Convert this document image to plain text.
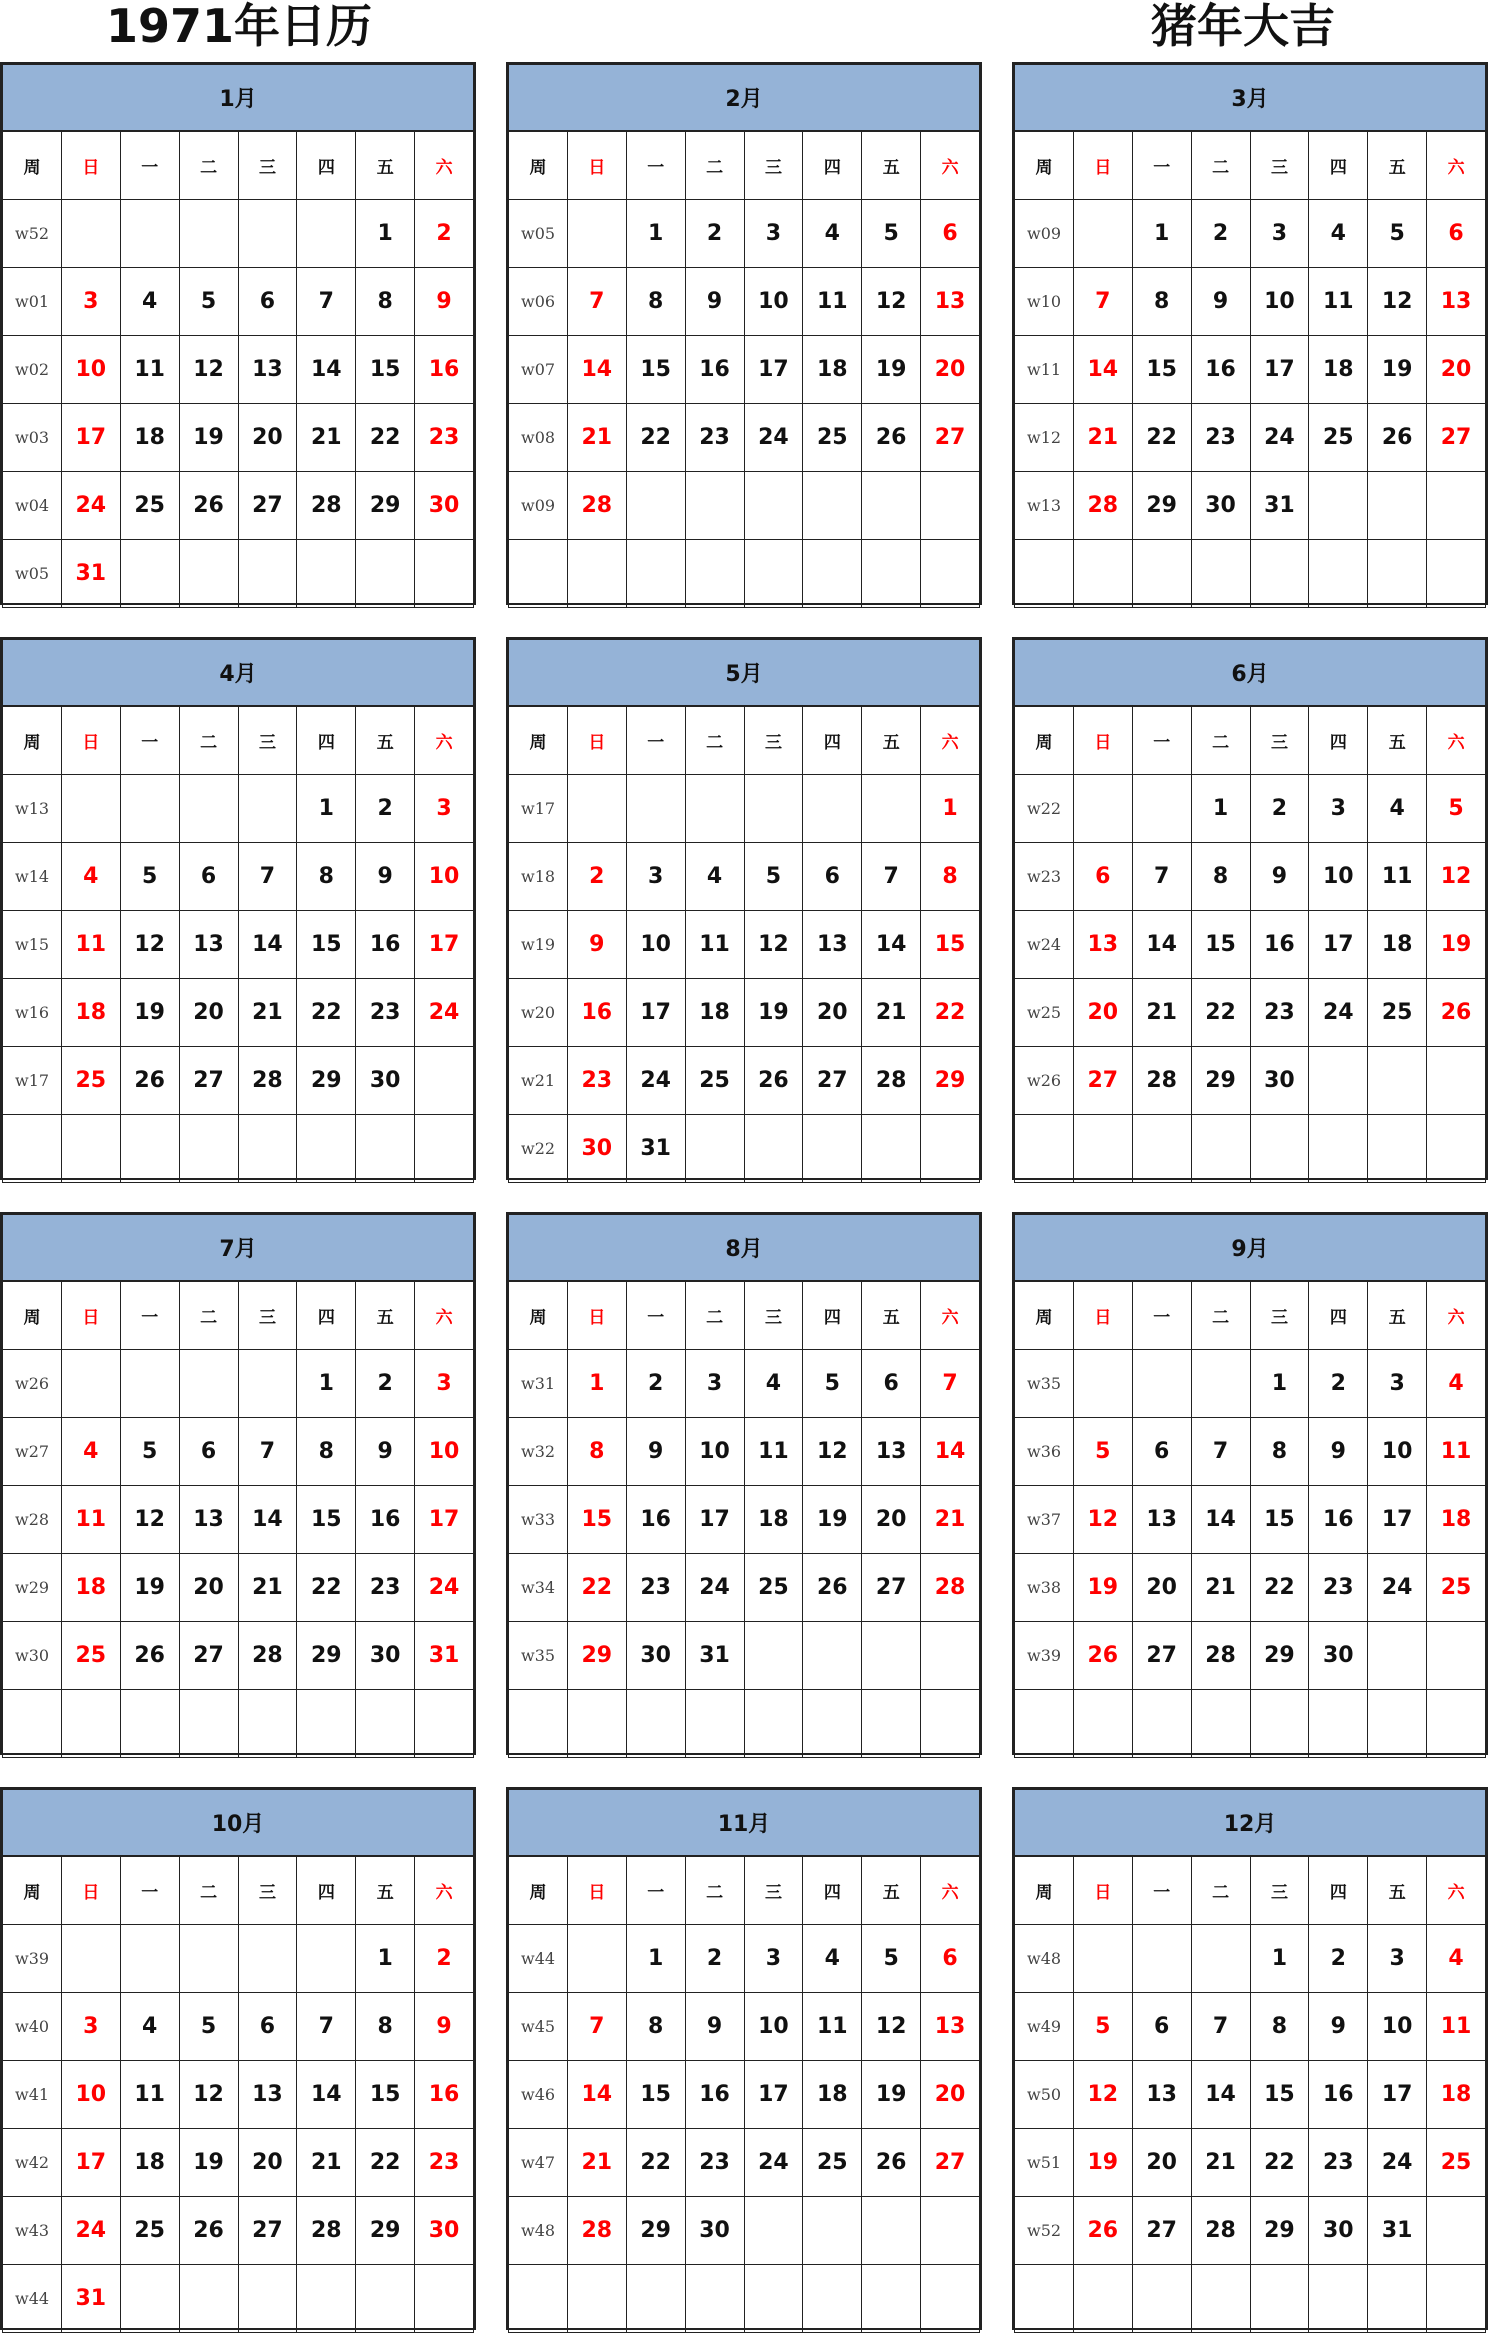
1971年日历	猪年大吉
1月							
周	日	一	二	三	四	五	六
w52						1	2
w01	3	4	5	6	7	8	9
w02	10	11	12	13	14	15	16
w03	17	18	19	20	21	22	23
w04	24	25	26	27	28	29	30
w05	31						
2月							
周	日	一	二	三	四	五	六
w05		1	2	3	4	5	6
w06	7	8	9	10	11	12	13
w07	14	15	16	17	18	19	20
w08	21	22	23	24	25	26	27
w09	28						

3月							
周	日	一	二	三	四	五	六
w09		1	2	3	4	5	6
w10	7	8	9	10	11	12	13
w11	14	15	16	17	18	19	20
w12	21	22	23	24	25	26	27
w13	28	29	30	31			

4月							
周	日	一	二	三	四	五	六
w13					1	2	3
w14	4	5	6	7	8	9	10
w15	11	12	13	14	15	16	17
w16	18	19	20	21	22	23	24
w17	25	26	27	28	29	30	

5月							
周	日	一	二	三	四	五	六
w17							1
w18	2	3	4	5	6	7	8
w19	9	10	11	12	13	14	15
w20	16	17	18	19	20	21	22
w21	23	24	25	26	27	28	29
w22	30	31					
6月							
周	日	一	二	三	四	五	六
w22			1	2	3	4	5
w23	6	7	8	9	10	11	12
w24	13	14	15	16	17	18	19
w25	20	21	22	23	24	25	26
w26	27	28	29	30			

7月							
周	日	一	二	三	四	五	六
w26					1	2	3
w27	4	5	6	7	8	9	10
w28	11	12	13	14	15	16	17
w29	18	19	20	21	22	23	24
w30	25	26	27	28	29	30	31

8月							
周	日	一	二	三	四	五	六
w31	1	2	3	4	5	6	7
w32	8	9	10	11	12	13	14
w33	15	16	17	18	19	20	21
w34	22	23	24	25	26	27	28
w35	29	30	31				

9月							
周	日	一	二	三	四	五	六
w35				1	2	3	4
w36	5	6	7	8	9	10	11
w37	12	13	14	15	16	17	18
w38	19	20	21	22	23	24	25
w39	26	27	28	29	30		

10月							
周	日	一	二	三	四	五	六
w39						1	2
w40	3	4	5	6	7	8	9
w41	10	11	12	13	14	15	16
w42	17	18	19	20	21	22	23
w43	24	25	26	27	28	29	30
w44	31						
11月							
周	日	一	二	三	四	五	六
w44		1	2	3	4	5	6
w45	7	8	9	10	11	12	13
w46	14	15	16	17	18	19	20
w47	21	22	23	24	25	26	27
w48	28	29	30				

12月							
周	日	一	二	三	四	五	六
w48				1	2	3	4
w49	5	6	7	8	9	10	11
w50	12	13	14	15	16	17	18
w51	19	20	21	22	23	24	25
w52	26	27	28	29	30	31	
